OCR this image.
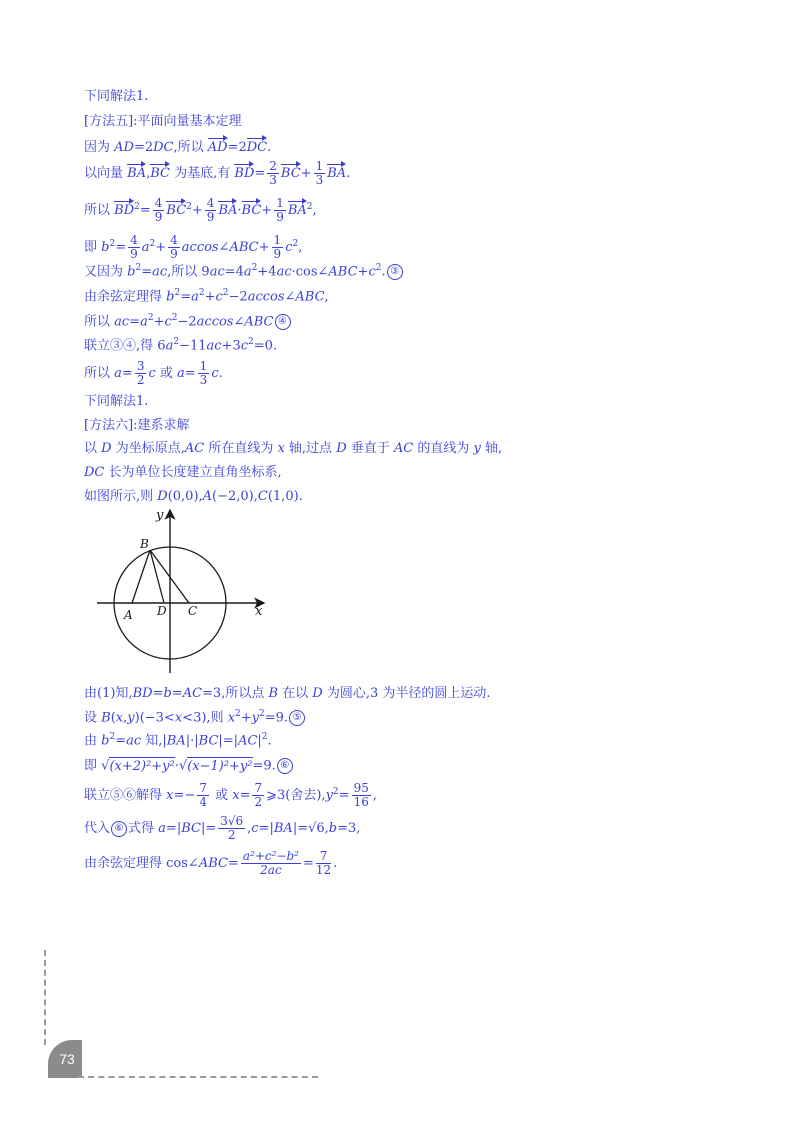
下同解法1.
[方法五]:平面向量基本定理
因为 AD=2DC,所以 AD=2DC.
以向量 BA,BC 为基底,有 $BD= \frac{2}{3} BC+ \frac{1}{3}$ BA.
所以 $BD^2= \frac{4}{9} BC^2+ \frac{4}{9} BA\cdot BC+ \frac{1}{9} BA^2$,
即 $b^2= \frac{4}{9} a^2+ \frac{4}{9}$ accos∠ABC+ $\frac{1}{9} c^2$,
又因为 $b^2=ac$,所以 $9ac=4a^2+4ac\cdot\cos\angle ABC+c^2$. ③
由余弦定理得 $b^2=a^2+c^2-2accos\angle ABC$,
所以 $ac=a^2+c^2-2accos\angle ABC$ ④
联立③④,得 $6a^2-11ac+3c^2=0$.
所以 $a= \frac{3}{2}$ c 或 $a= \frac{1}{3} c$.
下同解法1.
[方法六]:建系求解
以 D 为坐标原点,AC 所在直线为 x 轴,过点 D 垂直于 AC 的直线为 y 轴,
DC 长为单位长度建立直角坐标系,
如图所示,则 D(0,0),A(−2,0),C(1,0).
由(1)知,BD=b=AC=3,所以点 B 在以 D 为圆心,3 为半径的圆上运动.
设 B(x,y)(−3<x<3),则 $x^2+y^2=9$. ⑤
由 $b^2=ac$ 知$,|BA|\cdot|BC|=|AC|^2$.
即 √(x+2)²+y²·√(x−1)²+y²=9. ⑥
联立⑤⑥解得 $x=- \frac{7}{4}$ 或 $x= \frac{7}{2}$ ⩾3(舍去)$,y^2= \frac{95}{16}$ ,
代入 ⑥ 式得 $a=|BC|= \frac{3√6}{2} ,c=|BA|=√6,b=3$,
由余弦定理得 cos∠ABC= $\frac{\text{a²+c²−b²}}{2ac} = \frac{7}{12}$ .
x
y
B
A D C
73
